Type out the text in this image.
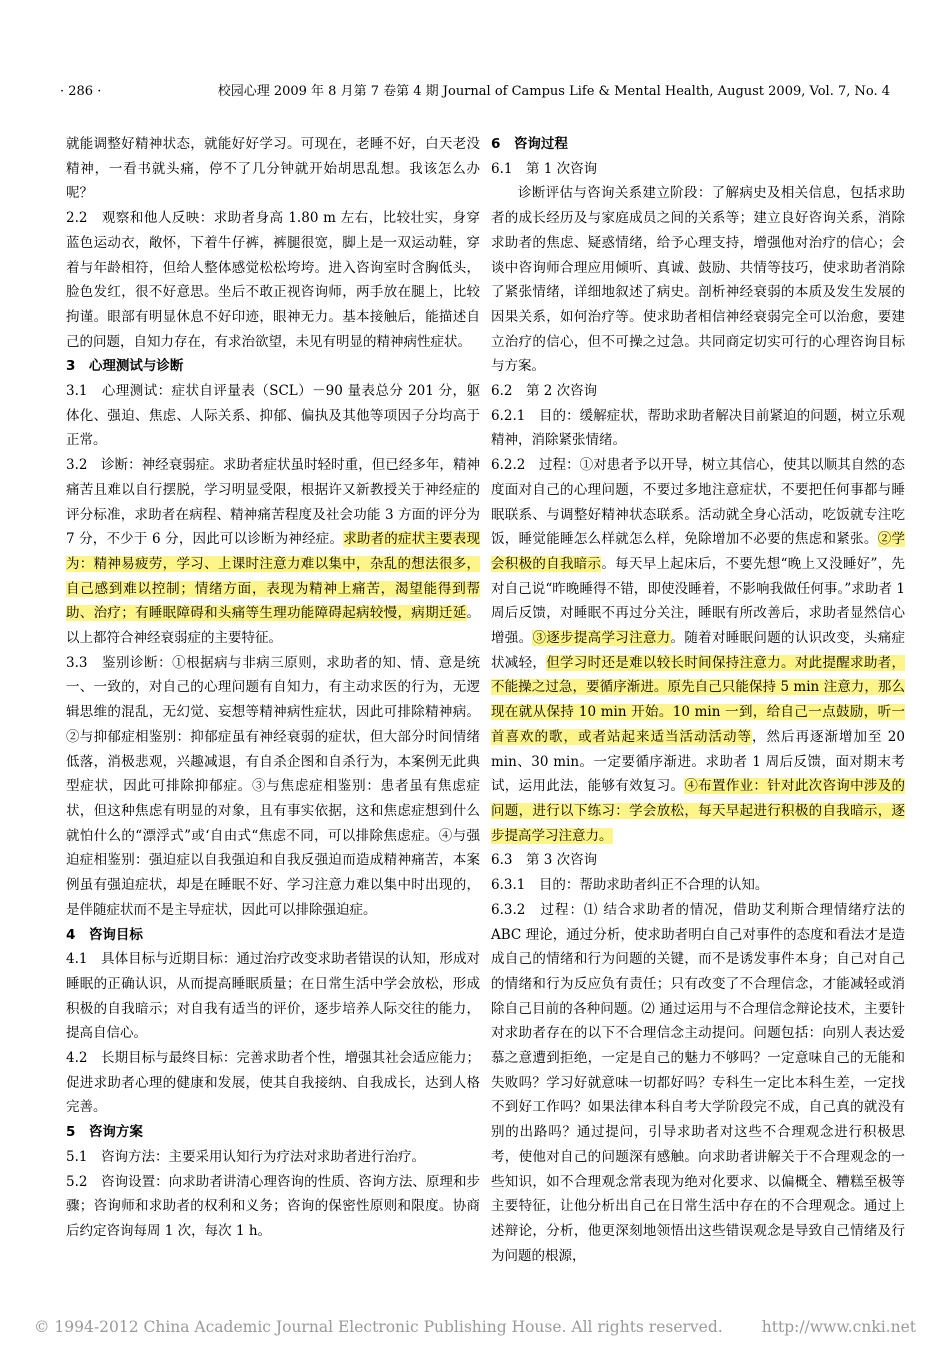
· 286 ·	校园心理 2009 年 8 月第 7 卷第 4 期 Journal of Campus Life & Mental Health, August 2009, Vol. 7, No. 4

就能调整好精神状态，就能好好学习。可现在，老睡不好，白天老没精神，一看书就头痛，停不了几分钟就开始胡思乱想。我该怎么办呢？

2.2　观察和他人反映：求助者身高 1.80 m 左右，比较壮实，身穿蓝色运动衣，敞怀，下着牛仔裤，裤腿很宽，脚上是一双运动鞋，穿着与年龄相符，但给人整体感觉松松垮垮。进入咨询室时含胸低头，脸色发红，很不好意思。坐后不敢正视咨询师，两手放在腿上，比较拘谨。眼部有明显休息不好印迹，眼神无力。基本接触后，能描述自己的问题，自知力存在，有求治欲望，未见有明显的精神病性症状。

3　心理测试与诊断

3.1　心理测试：症状自评量表（SCL）－90 量表总分 201 分，躯体化、强迫、焦虑、人际关系、抑郁、偏执及其他等项因子分均高于正常。

3.2　诊断：神经衰弱症。求助者症状虽时轻时重，但已经多年，精神痛苦且难以自行摆脱，学习明显受限，根据许又新教授关于神经症的评分标准，求助者在病程、精神痛苦程度及社会功能 3 方面的评分为 7 分，不少于 6 分，因此可以诊断为神经症。求助者的症状主要表现为：精神易疲劳，学习、上课时注意力难以集中，杂乱的想法很多，自己感到难以控制；情绪方面，表现为精神上痛苦，渴望能得到帮助、治疗；有睡眠障碍和头痛等生理功能障碍起病较慢，病期迁延。以上都符合神经衰弱症的主要特征。

3.3　鉴别诊断：①根据病与非病三原则，求助者的知、情、意是统一、一致的，对自己的心理问题有自知力，有主动求医的行为，无逻辑思维的混乱，无幻觉、妄想等精神病性症状，因此可排除精神病。②与抑郁症相鉴别：抑郁症虽有神经衰弱的症状，但大部分时间情绪低落，消极悲观，兴趣减退，有自杀企图和自杀行为，本案例无此典型症状，因此可排除抑郁症。③与焦虑症相鉴别：患者虽有焦虑症状，但这种焦虑有明显的对象，且有事实依据，这和焦虑症想到什么就怕什么的“漂浮式”或‘自由式“焦虑不同，可以排除焦虑症。④与强迫症相鉴别：强迫症以自我强迫和自我反强迫而造成精神痛苦，本案例虽有强迫症状，却是在睡眠不好、学习注意力难以集中时出现的，是伴随症状而不是主导症状，因此可以排除强迫症。

4　咨询目标

4.1　具体目标与近期目标：通过治疗改变求助者错误的认知，形成对睡眠的正确认识，从而提高睡眠质量；在日常生活中学会放松，形成积极的自我暗示；对自我有适当的评价，逐步培养人际交往的能力，提高自信心。

4.2　长期目标与最终目标：完善求助者个性，增强其社会适应能力；促进求助者心理的健康和发展，使其自我接纳、自我成长，达到人格完善。

5　咨询方案

5.1　咨询方法：主要采用认知行为疗法对求助者进行治疗。

5.2　咨询设置：向求助者讲清心理咨询的性质、咨询方法、原理和步骤；咨询师和求助者的权利和义务；咨询的保密性原则和限度。协商后约定咨询每周 1 次，每次 1 h。

6　咨询过程

6.1　第 1 次咨询

诊断评估与咨询关系建立阶段：了解病史及相关信息，包括求助者的成长经历及与家庭成员之间的关系等；建立良好咨询关系，消除求助者的焦虑、疑惑情绪，给予心理支持，增强他对治疗的信心；会谈中咨询师合理应用倾听、真诚、鼓励、共情等技巧，使求助者消除了紧张情绪，详细地叙述了病史。剖析神经衰弱的本质及发生发展的因果关系，如何治疗等。使求助者相信神经衰弱完全可以治愈，要建立治疗的信心，但不可操之过急。共同商定切实可行的心理咨询目标与方案。

6.2　第 2 次咨询

6.2.1　目的：缓解症状，帮助求助者解决目前紧迫的问题，树立乐观精神，消除紧张情绪。

6.2.2　过程：①对患者予以开导，树立其信心，使其以顺其自然的态度面对自己的心理问题，不要过多地注意症状，不要把任何事都与睡眠联系、与调整好精神状态联系。活动就全身心活动，吃饭就专注吃饭，睡觉能睡怎么样就怎么样，免除增加不必要的焦虑和紧张。②学会积极的自我暗示。每天早上起床后，不要先想“晚上又没睡好”，先对自己说“昨晚睡得不错，即使没睡着，不影响我做任何事。”求助者 1 周后反馈，对睡眠不再过分关注，睡眠有所改善后，求助者显然信心增强。③逐步提高学习注意力。随着对睡眠问题的认识改变，头痛症状减轻，但学习时还是难以较长时间保持注意力。对此提醒求助者，不能操之过急，要循序渐进。原先自己只能保持 5 min 注意力，那么现在就从保持 10 min 开始。10 min 一到，给自己一点鼓励，听一首喜欢的歌，或者站起来适当活动活动等，然后再逐渐增加至 20 min、30 min。一定要循序渐进。求助者 1 周后反馈，面对期末考试，运用此法，能够有效复习。④布置作业：针对此次咨询中涉及的问题，进行以下练习：学会放松，每天早起进行积极的自我暗示，逐步提高学习注意力。

6.3　第 3 次咨询

6.3.1　目的：帮助求助者纠正不合理的认知。

6.3.2　过程：⑴ 结合求助者的情况，借助艾利斯合理情绪疗法的 ABC 理论，通过分析，使求助者明白自己对事件的态度和看法才是造成自己的情绪和行为问题的关键，而不是诱发事件本身；自己对自己的情绪和行为反应负有责任；只有改变了不合理信念，才能减轻或消除自己目前的各种问题。⑵ 通过运用与不合理信念辩论技术，主要针对求助者存在的以下不合理信念主动提问。问题包括：向别人表达爱慕之意遭到拒绝，一定是自己的魅力不够吗？一定意味自己的无能和失败吗？学习好就意味一切都好吗？专科生一定比本科生差，一定找不到好工作吗？如果法律本科自考大学阶段完不成，自己真的就没有别的出路吗？通过提问，引导求助者对这些不合理观念进行积极思考，使他对自己的问题深有感触。向求助者讲解关于不合理观念的一些知识，如不合理观念常表现为绝对化要求、以偏概全、糟糕至极等主要特征，让他分析出自己在日常生活中存在的不合理观念。通过上述辩论，分析，他更深刻地领悟出这些错误观念是导致自己情绪及行为问题的根源，

© 1994-2012 China Academic Journal Electronic Publishing House. All rights reserved.	http://www.cnki.net
